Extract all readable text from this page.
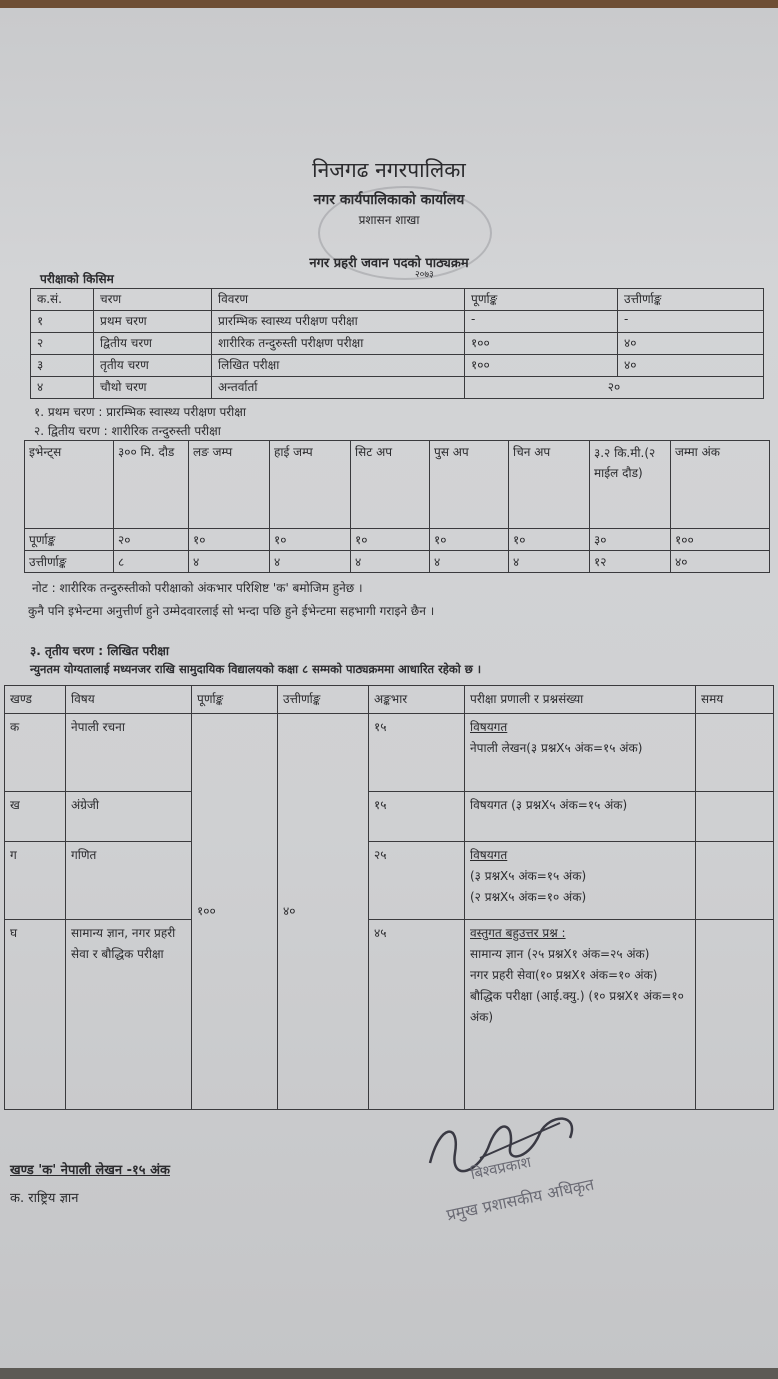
निजगढ नगरपालिका
नगर कार्यपालिकाको कार्यालय
प्रशासन शाखा
नगर प्रहरी जवान पदको पाठ्यक्रम
२०७३
परीक्षाको किसिम
क.सं.	चरण	विवरण	पूर्णाङ्क	उत्तीर्णाङ्क
१	प्रथम चरण	प्रारम्भिक स्वास्थ्य परीक्षण परीक्षा	-	-
२	द्वितीय चरण	शारीरिक तन्दुरुस्ती परीक्षण परीक्षा	१००	४०
३	तृतीय चरण	लिखित परीक्षा	१००	४०
४	चौथो चरण	अन्तर्वार्ता	२०	
१. प्रथम चरण : प्रारम्भिक स्वास्थ्य परीक्षण परीक्षा
२. द्वितीय चरण : शारीरिक तन्दुरुस्ती परीक्षा
इभेन्ट्स	३०० मि. दौड	लङ जम्प	हाई जम्प	सिट अप	पुस अप	चिन अप	३.२ कि.मी.(२ माईल दौड)	जम्मा अंक
पूर्णाङ्क	२०	१०	१०	१०	१०	१०	३०	१००
उत्तीर्णाङ्क	८	४	४	४	४	४	१२	४०
नोट : शारीरिक तन्दुरुस्तीको परीक्षाको अंकभार परिशिष्ट 'क' बमोजिम हुनेछ ।
कुनै पनि इभेन्टमा अनुत्तीर्ण हुने उम्मेदवारलाई सो भन्दा पछि हुने ईभेन्टमा सहभागी गराइने छैन ।
३. तृतीय चरण : लिखित परीक्षा
न्युनतम योग्यतालाई मध्यनजर राखि सामुदायिक विद्यालयको कक्षा ८ सम्मको पाठ्यक्रममा आधारित रहेको छ ।
खण्ड	विषय	पूर्णाङ्क	उत्तीर्णाङ्क	अङ्कभार	परीक्षा प्रणाली र प्रश्नसंख्या	समय
क	नेपाली रचना	१००	४०	१५	विषयगत
नेपाली लेखन(३ प्रश्नX५ अंक=१५ अंक)	

ख	अंग्रेजी			१५	विषयगत (३ प्रश्नX५ अंक=१५ अंक)	

ग	गणित			२५	विषयगत
(३ प्रश्नX५ अंक=१५ अंक)
(२ प्रश्नX५ अंक=१० अंक)	

घ	सामान्य ज्ञान, नगर प्रहरी सेवा र बौद्धिक परीक्षा			४५	वस्तुगत बहुउत्तर प्रश्न :
सामान्य ज्ञान (२५ प्रश्नX१ अंक=२५ अंक)
नगर प्रहरी सेवा(१० प्रश्नX१ अंक=१० अंक)
बौद्धिक परीक्षा (आई.क्यु.) (१० प्रश्नX१ अंक=१० अंक)	

खण्ड 'क' नेपाली लेखन -१५ अंक
क. राष्ट्रिय ज्ञान
बिश्वप्रकाश
प्रमुख प्रशासकीय अधिकृत
